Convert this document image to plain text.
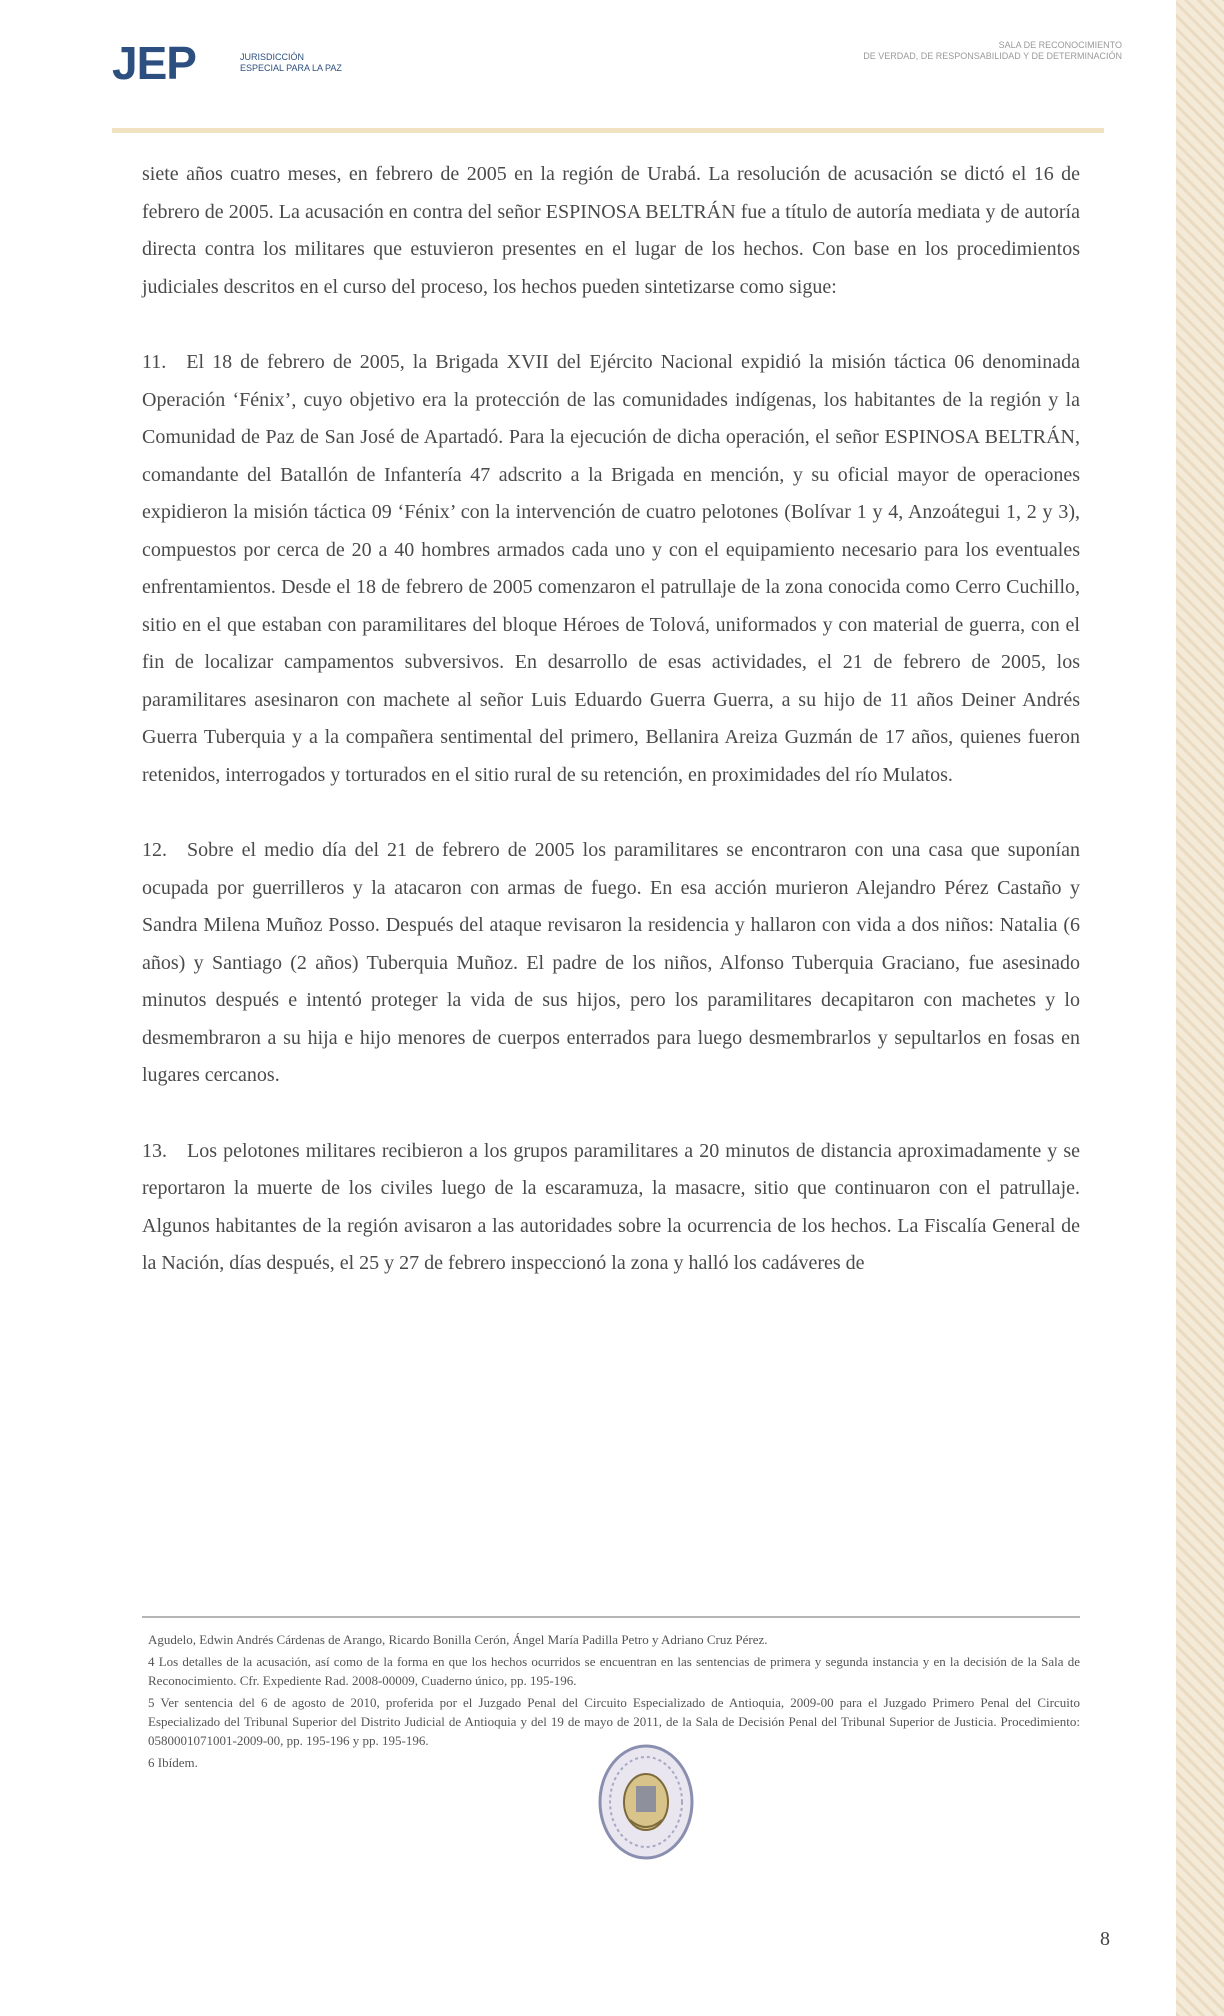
JEP	JURISDICCIÓN
ESPECIAL PARA LA PAZ
SALA DE RECONOCIMIENTO
DE VERDAD, DE RESPONSABILIDAD Y DE DETERMINACIÓN

siete años cuatro meses, en febrero de 2005 en la región de Urabá. La resolución de acusación se dictó el 16 de febrero de 2005. La acusación en contra del señor ESPINOSA BELTRÁN fue a título de autoría mediata y de autoría directa contra los militares que estuvieron presentes en el lugar de los hechos. Con base en los procedimientos judiciales descritos en el curso del proceso, los hechos pueden sintetizarse como sigue:

11. El 18 de febrero de 2005, la Brigada XVII del Ejército Nacional expidió la misión táctica 06 denominada Operación ‘Fénix’, cuyo objetivo era la protección de las comunidades indígenas, los habitantes de la región y la Comunidad de Paz de San José de Apartadó. Para la ejecución de dicha operación, el señor ESPINOSA BELTRÁN, comandante del Batallón de Infantería 47 adscrito a la Brigada en mención, y su oficial mayor de operaciones expidieron la misión táctica 09 ‘Fénix’ con la intervención de cuatro pelotones (Bolívar 1 y 4, Anzoátegui 1, 2 y 3), compuestos por cerca de 20 a 40 hombres armados cada uno y con el equipamiento necesario para los eventuales enfrentamientos. Desde el 18 de febrero de 2005 comenzaron el patrullaje de la zona conocida como Cerro Cuchillo, sitio en el que estaban con paramilitares del bloque Héroes de Tolová, uniformados y con material de guerra, con el fin de localizar campamentos subversivos. En desarrollo de esas actividades, el 21 de febrero de 2005, los paramilitares asesinaron con machete al señor Luis Eduardo Guerra Guerra, a su hijo de 11 años Deiner Andrés Guerra Tuberquia y a la compañera sentimental del primero, Bellanira Areiza Guzmán de 17 años, quienes fueron retenidos, interrogados y torturados en el sitio rural de su retención, en proximidades del río Mulatos.

12. Sobre el medio día del 21 de febrero de 2005 los paramilitares se encontraron con una casa que suponían ocupada por guerrilleros y la atacaron con armas de fuego. En esa acción murieron Alejandro Pérez Castaño y Sandra Milena Muñoz Posso. Después del ataque revisaron la residencia y hallaron con vida a dos niños: Natalia (6 años) y Santiago (2 años) Tuberquia Muñoz. El padre de los niños, Alfonso Tuberquia Graciano, fue asesinado minutos después e intentó proteger la vida de sus hijos, pero los paramilitares decapitaron con machetes y lo desmembraron a su hija e hijo menores de cuerpos enterrados para luego desmembrarlos y sepultarlos en fosas en lugares cercanos.

13. Los pelotones militares recibieron a los grupos paramilitares a 20 minutos de distancia aproximadamente y se reportaron la muerte de los civiles luego de la escaramuza, la masacre, sitio que continuaron con el patrullaje. Algunos habitantes de la región avisaron a las autoridades sobre la ocurrencia de los hechos. La Fiscalía General de la Nación, días después, el 25 y 27 de febrero inspeccionó la zona y halló los cadáveres de

Agudelo, Edwin Andrés Cárdenas de Arango, Ricardo Bonilla Cerón, Ángel María Padilla Petro y Adriano Cruz Pérez.

4 Los detalles de la acusación, así como de la forma en que los hechos ocurridos se encuentran en las sentencias de primera y segunda instancia y en la decisión de la Sala de Reconocimiento. Cfr. Expediente Rad. 2008-00009, Cuaderno único, pp. 195-196.

5 Ver sentencia del 6 de agosto de 2010, proferida por el Juzgado Penal del Circuito Especializado de Antioquia, 2009-00 para el Juzgado Primero Penal del Circuito Especializado del Tribunal Superior del Distrito Judicial de Antioquia y del 19 de mayo de 2011, de la Sala de Decisión Penal del Tribunal Superior de Justicia. Procedimiento: 0580001071001-2009-00, pp. 195-196 y pp. 195-196.

6 Ibídem.

8
